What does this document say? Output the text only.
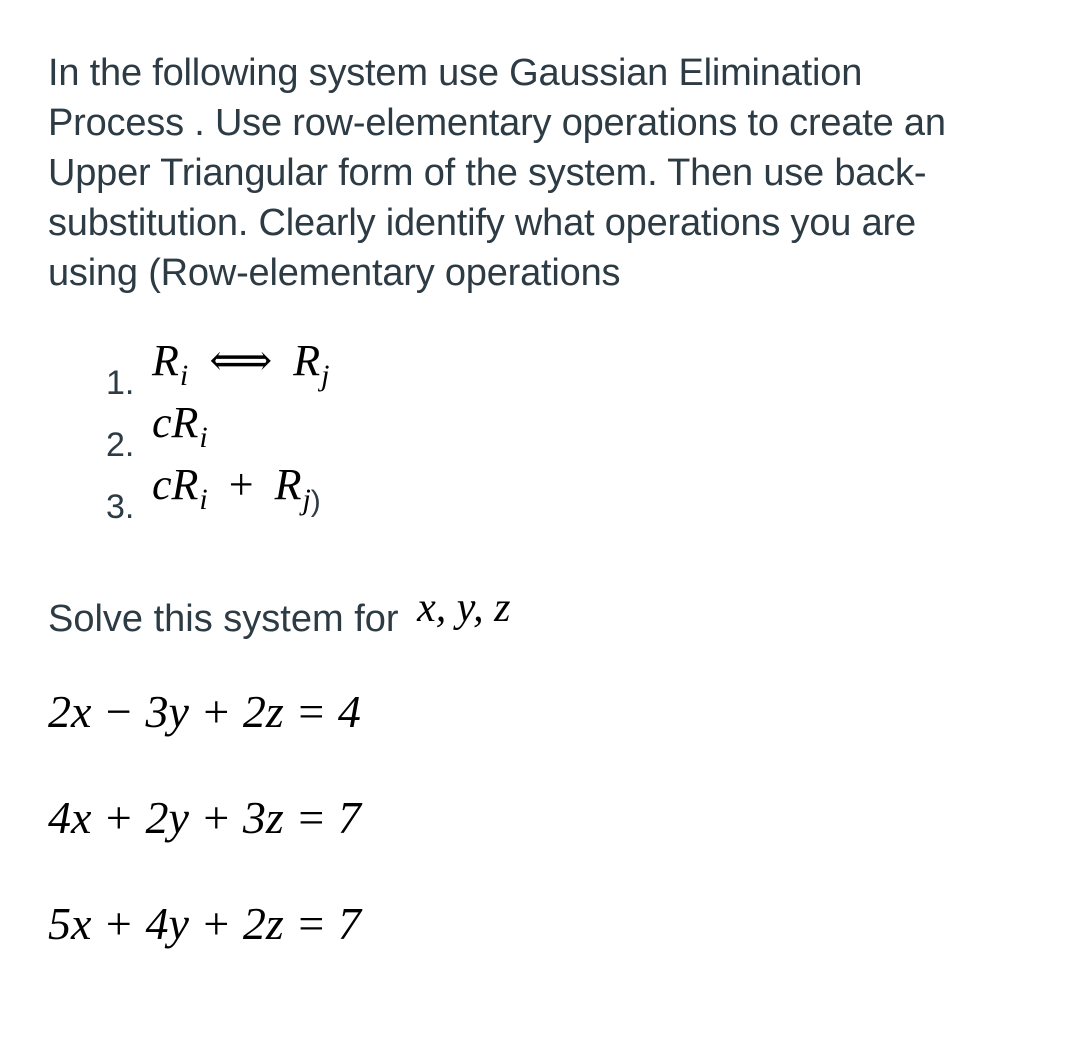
In the following system use Gaussian Elimination
Process . Use row-elementary operations to create an
Upper Triangular form of the system. Then use back-
substitution. Clearly identify what operations you are
using (Row-elementary operations
1. $R_i$ ⟺ $R_j$
2. $cR_i$
3. $cR_i + R_{j)}$
Solve this system for x, y, z
2x − 3y + 2z = 4
4x + 2y + 3z = 7
5x + 4y + 2z = 7
